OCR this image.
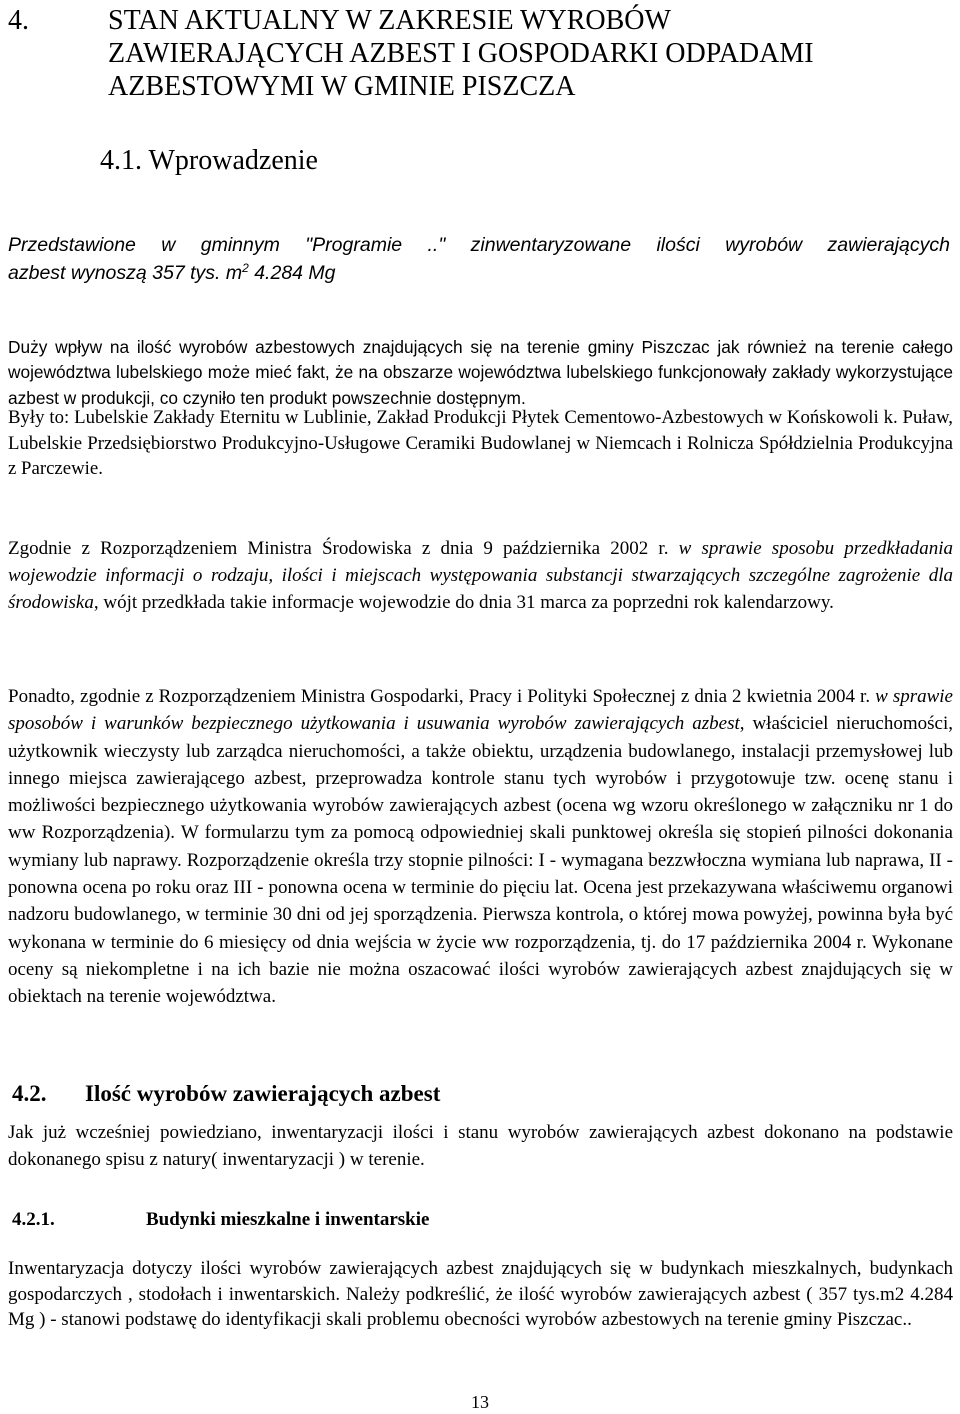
4.	STAN AKTUALNY W ZAKRESIE WYROBÓW
ZAWIERAJĄCYCH AZBEST I GOSPODARKI ODPADAMI
AZBESTOWYMI W GMINIE PISZCZA
4.1. Wprowadzenie
Przedstawione w gminnym "Programie .." zinwentaryzowane ilości wyrobów zawierających
azbest wynoszą 357 tys. $m^2$ 4.284 Mg
Duży wpływ na ilość wyrobów azbestowych znajdujących się na terenie gminy Piszczac jak również na terenie całego województwa lubelskiego może mieć fakt, że na obszarze województwa lubelskiego funkcjonowały zakłady wykorzystujące azbest w produkcji, co czyniło ten produkt powszechnie dostępnym.
Były to: Lubelskie Zakłady Eternitu w Lublinie, Zakład Produkcji Płytek Cementowo-Azbestowych w Końskowoli k. Puław, Lubelskie Przedsiębiorstwo Produkcyjno-Usługowe Ceramiki Budowlanej w Niemcach i Rolnicza Spółdzielnia Produkcyjna z Parczewie.
Zgodnie z Rozporządzeniem Ministra Środowiska z dnia 9 października 2002 r. w sprawie sposobu przedkładania wojewodzie informacji o rodzaju, ilości i miejscach występowania substancji stwarzających szczególne zagrożenie dla środowiska, wójt przedkłada takie informacje wojewodzie do dnia 31 marca za poprzedni rok kalendarzowy.
Ponadto, zgodnie z Rozporządzeniem Ministra Gospodarki, Pracy i Polityki Społecznej z dnia 2 kwietnia 2004 r. w sprawie sposobów i warunków bezpiecznego użytkowania i usuwania wyrobów zawierających azbest, właściciel nieruchomości, użytkownik wieczysty lub zarządca nieruchomości, a także obiektu, urządzenia budowlanego, instalacji przemysłowej lub innego miejsca zawierającego azbest, przeprowadza kontrole stanu tych wyrobów i przygotowuje tzw. ocenę stanu i możliwości bezpiecznego użytkowania wyrobów zawierających azbest (ocena wg wzoru określonego w załączniku nr 1 do ww Rozporządzenia). W formularzu tym za pomocą odpowiedniej skali punktowej określa się stopień pilności dokonania wymiany lub naprawy. Rozporządzenie określa trzy stopnie pilności: I - wymagana bezzwłoczna wymiana lub naprawa, II - ponowna ocena po roku oraz III - ponowna ocena w terminie do pięciu lat. Ocena jest przekazywana właściwemu organowi nadzoru budowlanego, w terminie 30 dni od jej sporządzenia. Pierwsza kontrola, o której mowa powyżej, powinna była być wykonana w terminie do 6 miesięcy od dnia wejścia w życie ww rozporządzenia, tj. do 17 października 2004 r. Wykonane oceny są niekompletne i na ich bazie nie można oszacować ilości wyrobów zawierających azbest znajdujących się w obiektach na terenie województwa.
4.2.	Ilość wyrobów zawierających azbest
Jak już wcześniej powiedziano, inwentaryzacji ilości i stanu wyrobów zawierających azbest dokonano na podstawie dokonanego spisu z natury( inwentaryzacji ) w terenie.
4.2.1.	Budynki mieszkalne i inwentarskie
Inwentaryzacja dotyczy ilości wyrobów zawierających azbest znajdujących się w budynkach mieszkalnych, budynkach gospodarczych , stodołach i inwentarskich. Należy podkreślić, że ilość wyrobów zawierających azbest ( 357 tys.m2 4.284 Mg ) - stanowi podstawę do identyfikacji skali problemu obecności wyrobów azbestowych na terenie gminy Piszczac..
13
